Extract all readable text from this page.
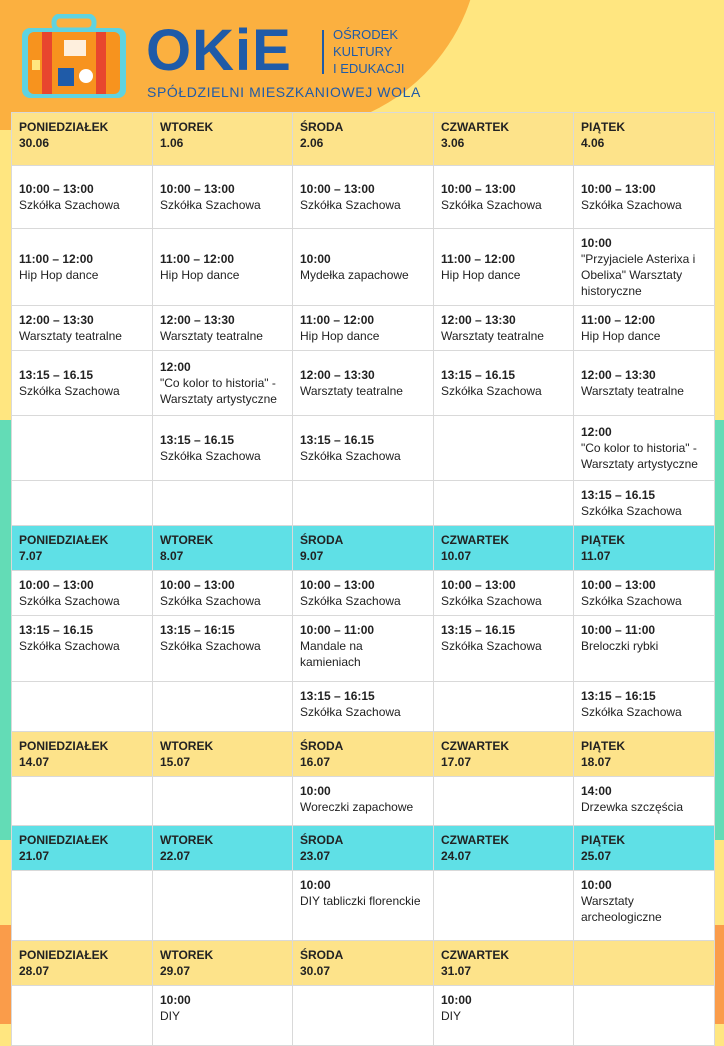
OKiE	OŚRODEK
KULTURY
I EDUKACJI
SPÓŁDZIELNI MIESZKANIOWEJ WOLA
PONIEDZIAŁEK
30.06	WTOREK
1.06	ŚRODA
2.06	CZWARTEK
3.06	PIĄTEK
4.06

10:00 – 13:00
Szkółka Szachowa	10:00 – 13:00
Szkółka Szachowa	10:00 – 13:00
Szkółka Szachowa	10:00 – 13:00
Szkółka Szachowa	10:00 – 13:00
Szkółka Szachowa

11:00 – 12:00
Hip Hop dance	11:00 – 12:00
Hip Hop dance	10:00
Mydełka zapachowe	11:00 – 12:00
Hip Hop dance	10:00
"Przyjaciele Asterixa i Obelixa" Warsztaty historyczne

12:00 – 13:30
Warsztaty teatralne	12:00 – 13:30
Warsztaty teatralne	11:00 – 12:00
Hip Hop dance	12:00 – 13:30
Warsztaty teatralne	11:00 – 12:00
Hip Hop dance

13:15 – 16.15
Szkółka Szachowa	12:00
"Co kolor to historia" - Warsztaty artystyczne	12:00 – 13:30
Warsztaty teatralne	13:15 – 16.15
Szkółka Szachowa	12:00 – 13:30
Warsztaty teatralne

	13:15 – 16.15
Szkółka Szachowa	13:15 – 16.15
Szkółka Szachowa		12:00
"Co kolor to historia" - Warsztaty artystyczne

				13:15 – 16.15
Szkółka Szachowa

PONIEDZIAŁEK
7.07	WTOREK
8.07	ŚRODA
9.07	CZWARTEK
10.07	PIĄTEK
11.07

10:00 – 13:00
Szkółka Szachowa	10:00 – 13:00
Szkółka Szachowa	10:00 – 13:00
Szkółka Szachowa	10:00 – 13:00
Szkółka Szachowa	10:00 – 13:00
Szkółka Szachowa

13:15 – 16.15
Szkółka Szachowa	13:15 – 16:15
Szkółka Szachowa	10:00 – 11:00
Mandale na kamieniach	13:15 – 16.15
Szkółka Szachowa	10:00 – 11:00
Breloczki rybki

		13:15 – 16:15
Szkółka Szachowa		13:15 – 16:15
Szkółka Szachowa

PONIEDZIAŁEK
14.07	WTOREK
15.07	ŚRODA
16.07	CZWARTEK
17.07	PIĄTEK
18.07

		10:00
Woreczki zapachowe		14:00
Drzewka szczęścia

PONIEDZIAŁEK
21.07	WTOREK
22.07	ŚRODA
23.07	CZWARTEK
24.07	PIĄTEK
25.07

		10:00
DIY tabliczki florenckie		10:00
Warsztaty archeologiczne

PONIEDZIAŁEK
28.07	WTOREK
29.07	ŚRODA
30.07	CZWARTEK
31.07	

	10:00
DIY		10:00
DIY	
